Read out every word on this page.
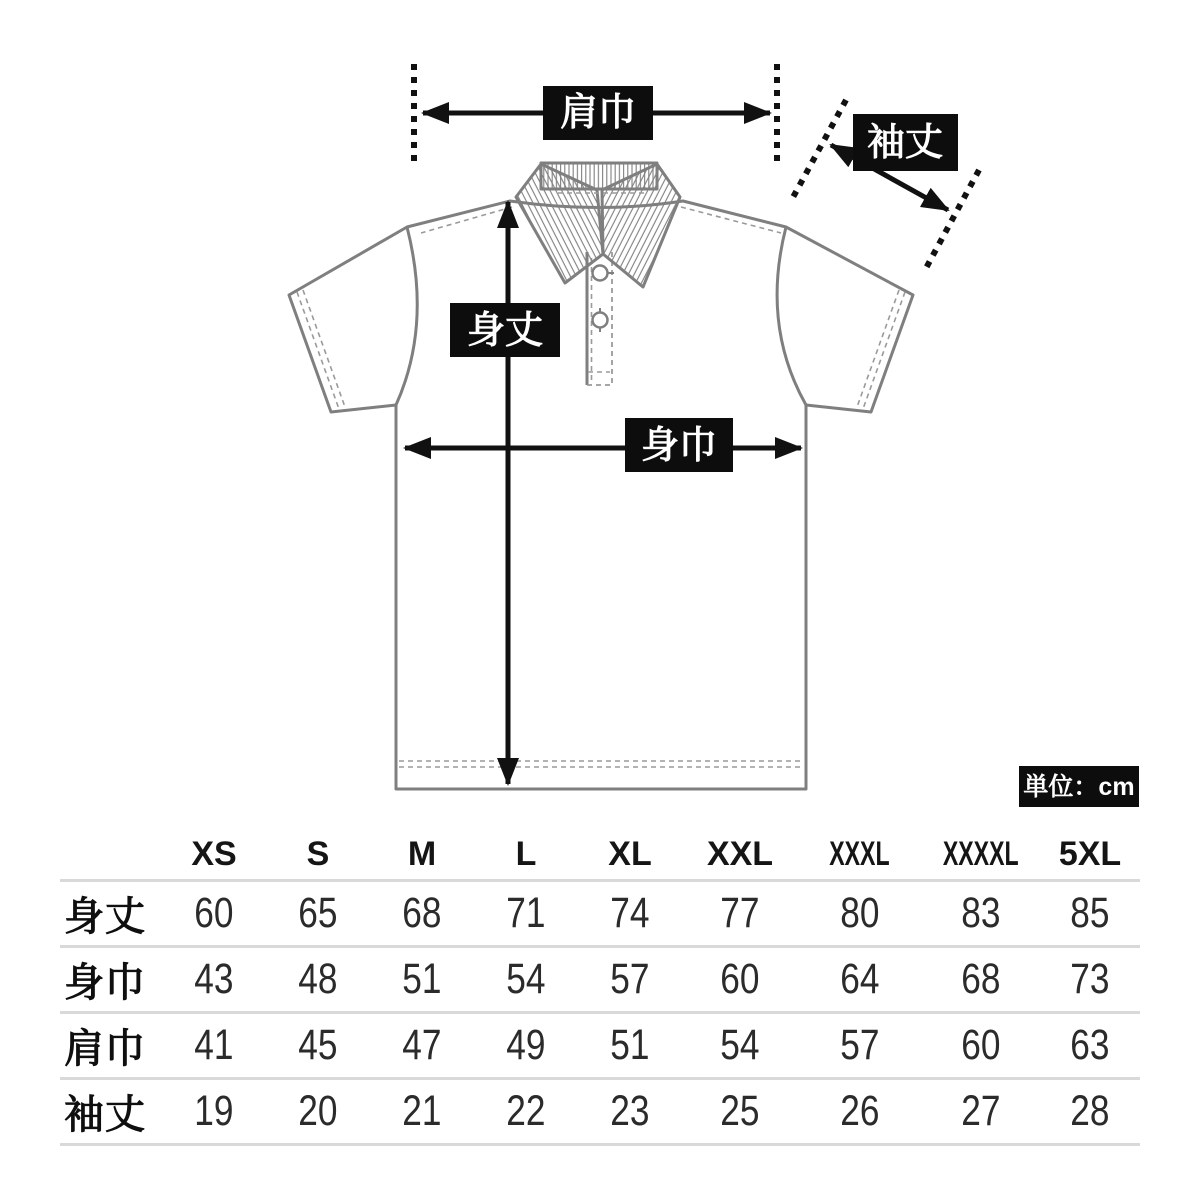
肩巾
袖丈
身丈
身巾
単位：cm
XS S M L XL XXL XXXL XXXXL 5XL
身丈	60 65 68 71 74 77 80 83 85
身巾	43 48 51 54 57 60 64 68 73
肩巾	41 45 47 49 51 54 57 60 63
袖丈	19 20 21 22 23 25 26 27 28
